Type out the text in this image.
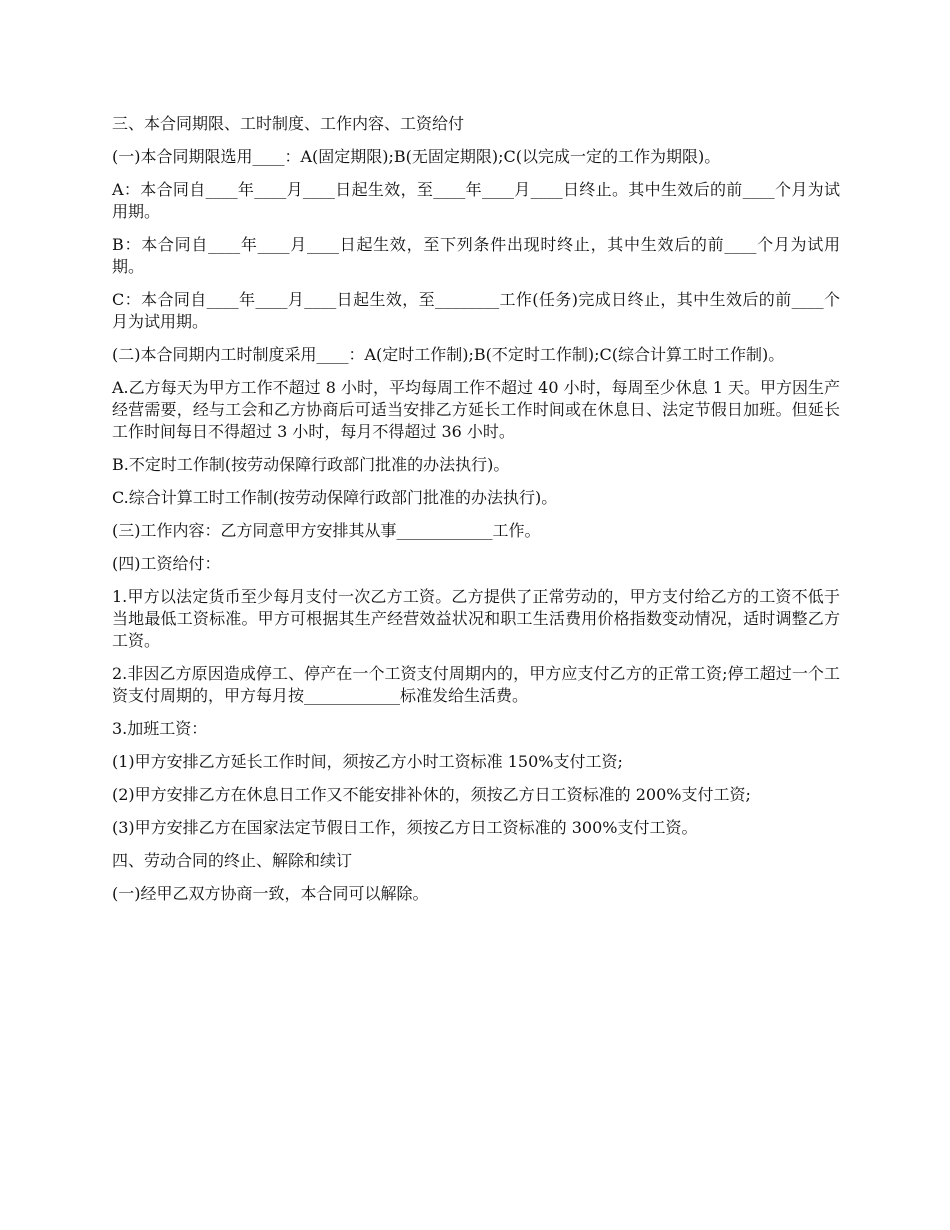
三、本合同期限、工时制度、工作内容、工资给付

(一)本合同期限选用____：A(固定期限);B(无固定期限);C(以完成一定的工作为期限)。

A：本合同自____年____月____日起生效，至____年____月____日终止。其中生效后的前____个月为试用期。

B：本合同自____年____月____日起生效，至下列条件出现时终止，其中生效后的前____个月为试用期。

C：本合同自____年____月____日起生效，至________工作(任务)完成日终止，其中生效后的前____个月为试用期。

(二)本合同期内工时制度采用____：A(定时工作制);B(不定时工作制);C(综合计算工时工作制)。

A.乙方每天为甲方工作不超过 8 小时，平均每周工作不超过 40 小时，每周至少休息 1 天。甲方因生产经营需要，经与工会和乙方协商后可适当安排乙方延长工作时间或在休息日、法定节假日加班。但延长工作时间每日不得超过 3 小时，每月不得超过 36 小时。

B.不定时工作制(按劳动保障行政部门批准的办法执行)。

C.综合计算工时工作制(按劳动保障行政部门批准的办法执行)。

(三)工作内容：乙方同意甲方安排其从事____________工作。

(四)工资给付：

1.甲方以法定货币至少每月支付一次乙方工资。乙方提供了正常劳动的，甲方支付给乙方的工资不低于当地最低工资标准。甲方可根据其生产经营效益状况和职工生活费用价格指数变动情况，适时调整乙方工资。

2.非因乙方原因造成停工、停产在一个工资支付周期内的，甲方应支付乙方的正常工资;停工超过一个工资支付周期的，甲方每月按____________标准发给生活费。

3.加班工资：

(1)甲方安排乙方延长工作时间，须按乙方小时工资标准 150%支付工资;

(2)甲方安排乙方在休息日工作又不能安排补休的，须按乙方日工资标准的 200%支付工资;

(3)甲方安排乙方在国家法定节假日工作，须按乙方日工资标准的 300%支付工资。

四、劳动合同的终止、解除和续订

(一)经甲乙双方协商一致，本合同可以解除。
